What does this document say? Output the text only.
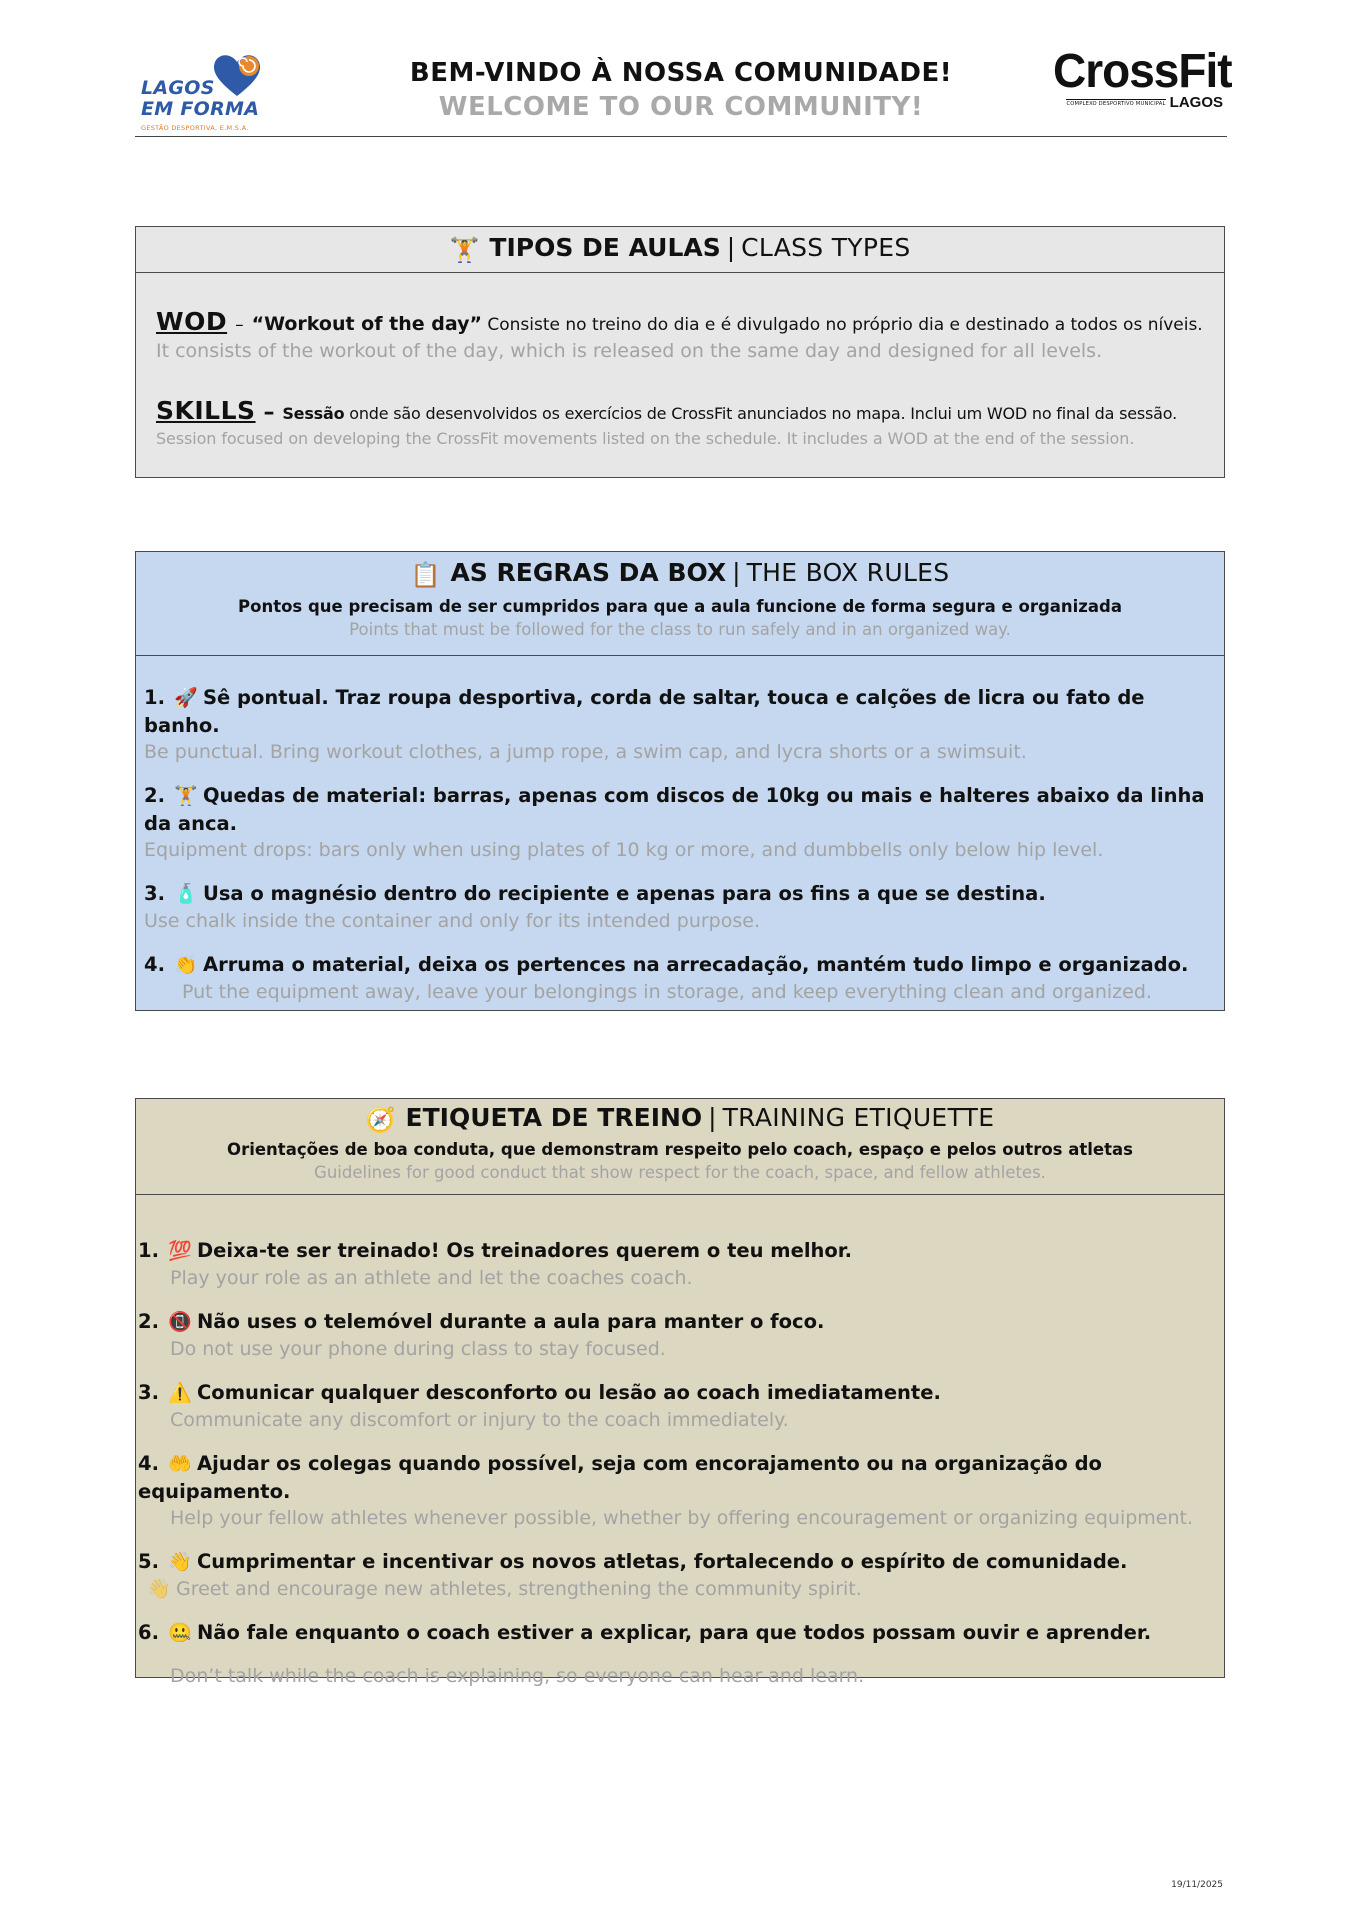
LAGOS
EM FORMA
GESTÃO DESPORTIVA, E.M.S.A.
BEM-VINDO À NOSSA COMUNIDADE!
WELCOME TO OUR COMMUNITY!
CrossFit
COMPLEXO DESPORTIVO MUNICIPAL LAGOS
🏋️ TIPOS DE AULAS | CLASS TYPES
WOD – “Workout of the day” Consiste no treino do dia e é divulgado no próprio dia e destinado a todos os níveis.
It consists of the workout of the day, which is released on the same day and designed for all levels.
SKILLS – Sessão onde são desenvolvidos os exercícios de CrossFit anunciados no mapa. Inclui um WOD no final da sessão.
Session focused on developing the CrossFit movements listed on the schedule. It includes a WOD at the end of the session.
📋 AS REGRAS DA BOX | THE BOX RULES
Pontos que precisam de ser cumpridos para que a aula funcione de forma segura e organizada
Points that must be followed for the class to run safely and in an organized way.
1. 🚀 Sê pontual. Traz roupa desportiva, corda de saltar, touca e calções de licra ou fato de banho.
Be punctual. Bring workout clothes, a jump rope, a swim cap, and lycra shorts or a swimsuit.
2. 🏋️ Quedas de material: barras, apenas com discos de 10kg ou mais e halteres abaixo da linha da anca.
Equipment drops: bars only when using plates of 10 kg or more, and dumbbells only below hip level.
3. 🧴 Usa o magnésio dentro do recipiente e apenas para os fins a que se destina.
Use chalk inside the container and only for its intended purpose.
4. 👏 Arruma o material, deixa os pertences na arrecadação, mantém tudo limpo e organizado.
Put the equipment away, leave your belongings in storage, and keep everything clean and organized.
🧭 ETIQUETA DE TREINO | TRAINING ETIQUETTE
Orientações de boa conduta, que demonstram respeito pelo coach, espaço e pelos outros atletas
Guidelines for good conduct that show respect for the coach, space, and fellow athletes.
1. 💯 Deixa-te ser treinado! Os treinadores querem o teu melhor.
Play your role as an athlete and let the coaches coach.
2. 📵 Não uses o telemóvel durante a aula para manter o foco.
Do not use your phone during class to stay focused.
3. ⚠️ Comunicar qualquer desconforto ou lesão ao coach imediatamente.
Communicate any discomfort or injury to the coach immediately.
4. 🤲 Ajudar os colegas quando possível, seja com encorajamento ou na organização do equipamento.
Help your fellow athletes whenever possible, whether by offering encouragement or organizing equipment.
5. 👋 Cumprimentar e incentivar os novos atletas, fortalecendo o espírito de comunidade.
👋 Greet and encourage new athletes, strengthening the community spirit.
6. 🤐 Não fale enquanto o coach estiver a explicar, para que todos possam ouvir e aprender.
Don’t talk while the coach is explaining, so everyone can hear and learn.
19/11/2025
